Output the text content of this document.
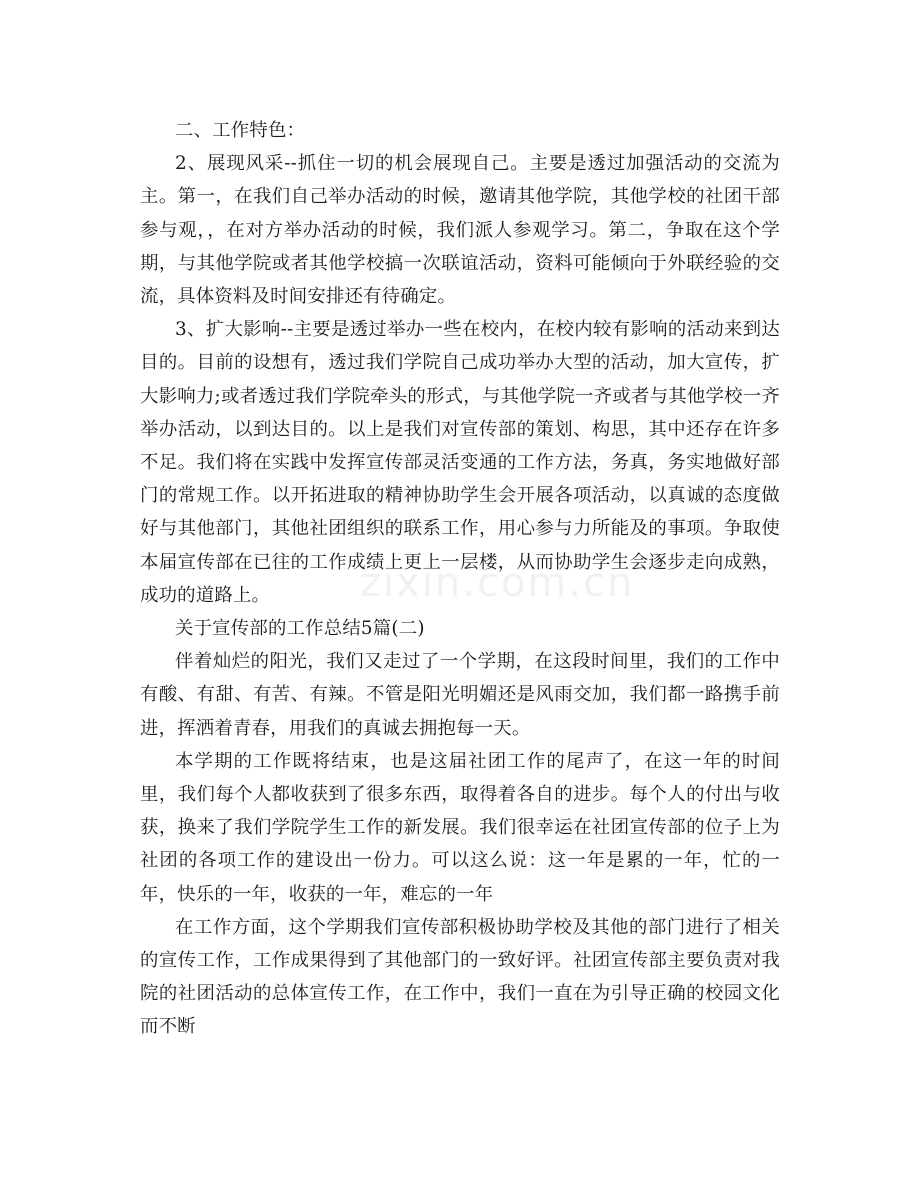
二、工作特色：

2、展现风采--抓住一切的机会展现自己。主要是透过加强活动的交流为主。第一，在我们自己举办活动的时候，邀请其他学院，其他学校的社团干部参与观，，在对方举办活动的时候，我们派人参观学习。第二，争取在这个学期，与其他学院或者其他学校搞一次联谊活动，资料可能倾向于外联经验的交流，具体资料及时间安排还有待确定。

3、扩大影响--主要是透过举办一些在校内，在校内较有影响的活动来到达目的。目前的设想有，透过我们学院自己成功举办大型的活动，加大宣传，扩大影响力;或者透过我们学院牵头的形式，与其他学院一齐或者与其他学校一齐举办活动，以到达目的。以上是我们对宣传部的策划、构思，其中还存在许多不足。我们将在实践中发挥宣传部灵活变通的工作方法，务真，务实地做好部门的常规工作。以开拓进取的精神协助学生会开展各项活动，以真诚的态度做好与其他部门，其他社团组织的联系工作，用心参与力所能及的事项。争取使本届宣传部在已往的工作成绩上更上一层楼，从而协助学生会逐步走向成熟，成功的道路上。

关于宣传部的工作总结5篇(二)

伴着灿烂的阳光，我们又走过了一个学期，在这段时间里，我们的工作中有酸、有甜、有苦、有辣。不管是阳光明媚还是风雨交加，我们都一路携手前进，挥洒着青春，用我们的真诚去拥抱每一天。

本学期的工作既将结束，也是这届社团工作的尾声了，在这一年的时间里，我们每个人都收获到了很多东西，取得着各自的进步。每个人的付出与收获，换来了我们学院学生工作的新发展。我们很幸运在社团宣传部的位子上为社团的各项工作的建设出一份力。可以这么说：这一年是累的一年，忙的一年，快乐的一年，收获的一年，难忘的一年

在工作方面，这个学期我们宣传部积极协助学校及其他的部门进行了相关的宣传工作，工作成果得到了其他部门的一致好评。社团宣传部主要负责对我院的社团活动的总体宣传工作，在工作中，我们一直在为引导正确的校园文化而不断

zixin.com.cn
